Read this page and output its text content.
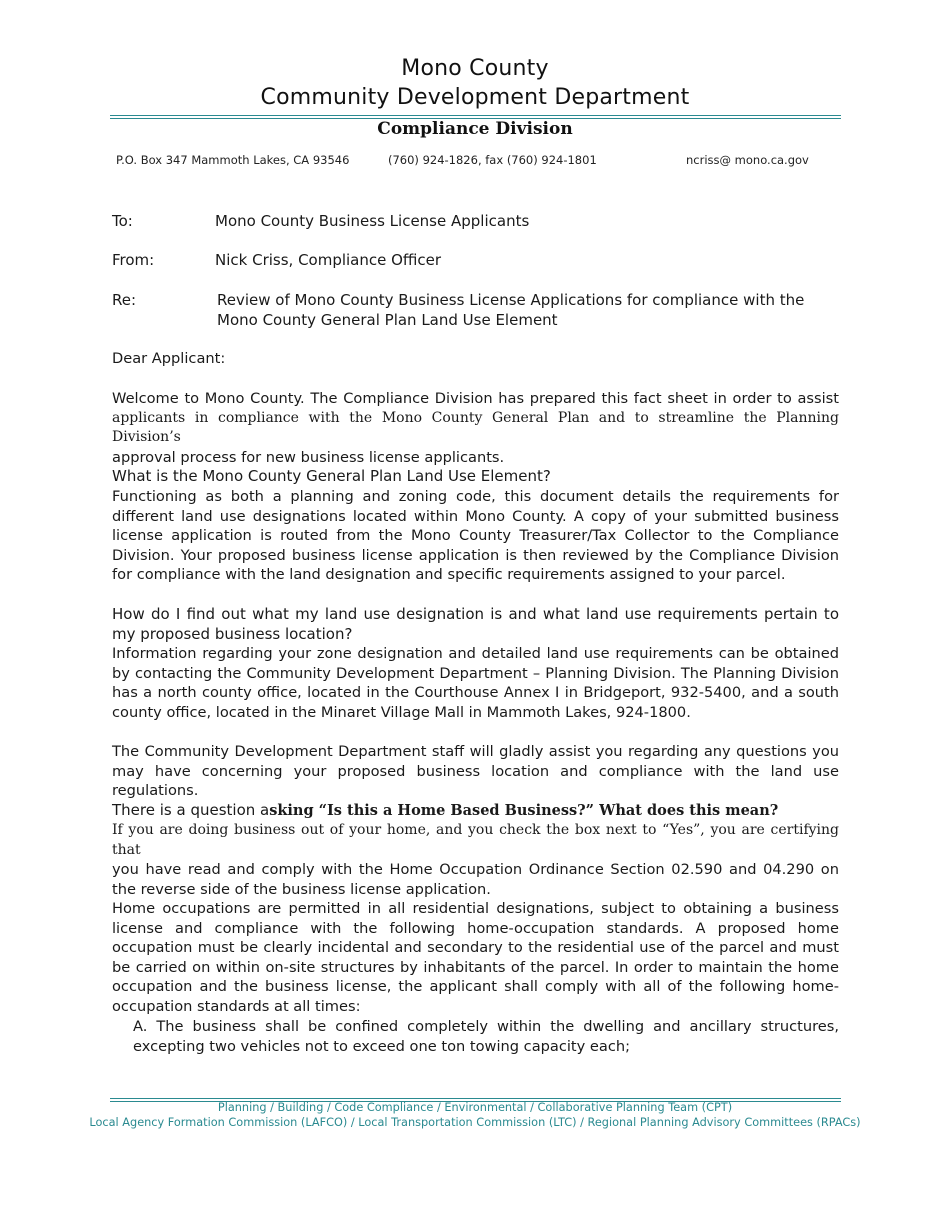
Mono County
Community Development Department
Compliance Division
P.O. Box 347 Mammoth Lakes, CA 93546	(760) 924-1826, fax (760) 924-1801	ncriss@ mono.ca.gov
To:	Mono County Business License Applicants
From:	Nick Criss, Compliance Officer
Re:	Review of Mono County Business License Applications for compliance with the
Mono County General Plan Land Use Element
Dear Applicant:
Welcome to Mono County. The Compliance Division has prepared this fact sheet in order to assist
applicants in compliance with the Mono County General Plan and to streamline the Planning Division’s
approval process for new business license applicants.
What is the Mono County General Plan Land Use Element?
Functioning as both a planning and zoning code, this document details the requirements for different land use designations located within Mono County. A copy of your submitted business license application is routed from the Mono County Treasurer/Tax Collector to the Compliance Division. Your proposed business license application is then reviewed by the Compliance Division for compliance with the land designation and specific requirements assigned to your parcel.
How do I find out what my land use designation is and what land use requirements pertain to my proposed business location?
Information regarding your zone designation and detailed land use requirements can be obtained by contacting the Community Development Department – Planning Division. The Planning Division has a north county office, located in the Courthouse Annex I in Bridgeport, 932-5400, and a south county office, located in the Minaret Village Mall in Mammoth Lakes, 924-1800.
The Community Development Department staff will gladly assist you regarding any questions you may have concerning your proposed business location and compliance with the land use regulations.
There is a question asking “Is this a Home Based Business?” What does this mean?
If you are doing business out of your home, and you check the box next to “Yes”, you are certifying that
you have read and comply with the Home Occupation Ordinance Section 02.590 and 04.290 on the reverse side of the business license application.
Home occupations are permitted in all residential designations, subject to obtaining a business license and compliance with the following home-occupation standards. A proposed home occupation must be clearly incidental and secondary to the residential use of the parcel and must be carried on within on-site structures by inhabitants of the parcel. In order to maintain the home occupation and the business license, the applicant shall comply with all of the following home-occupation standards at all times:
A. The business shall be confined completely within the dwelling and ancillary structures, excepting two vehicles not to exceed one ton towing capacity each;
Planning / Building / Code Compliance / Environmental / Collaborative Planning Team (CPT)
Local Agency Formation Commission (LAFCO) / Local Transportation Commission (LTC) / Regional Planning Advisory Committees (RPACs)
